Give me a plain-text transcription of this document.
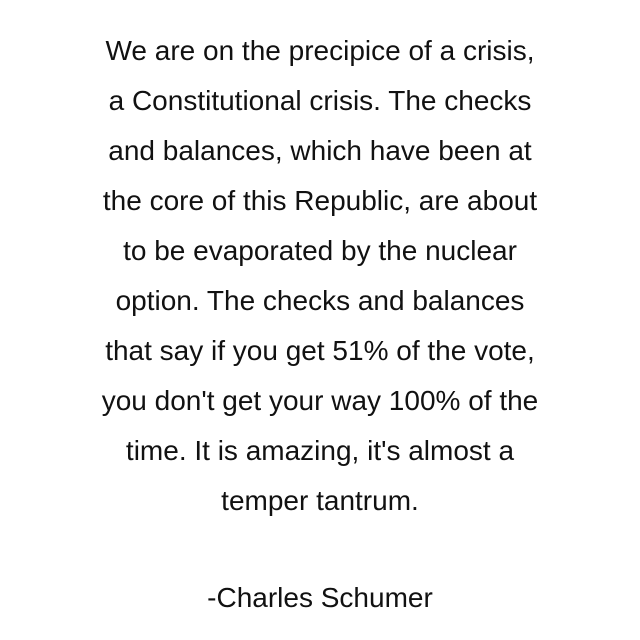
We are on the precipice of a crisis,
a Constitutional crisis. The checks
and balances, which have been at
the core of this Republic, are about
to be evaporated by the nuclear
option. The checks and balances
that say if you get 51% of the vote,
you don't get your way 100% of the
time. It is amazing, it's almost a
temper tantrum.
-Charles Schumer
